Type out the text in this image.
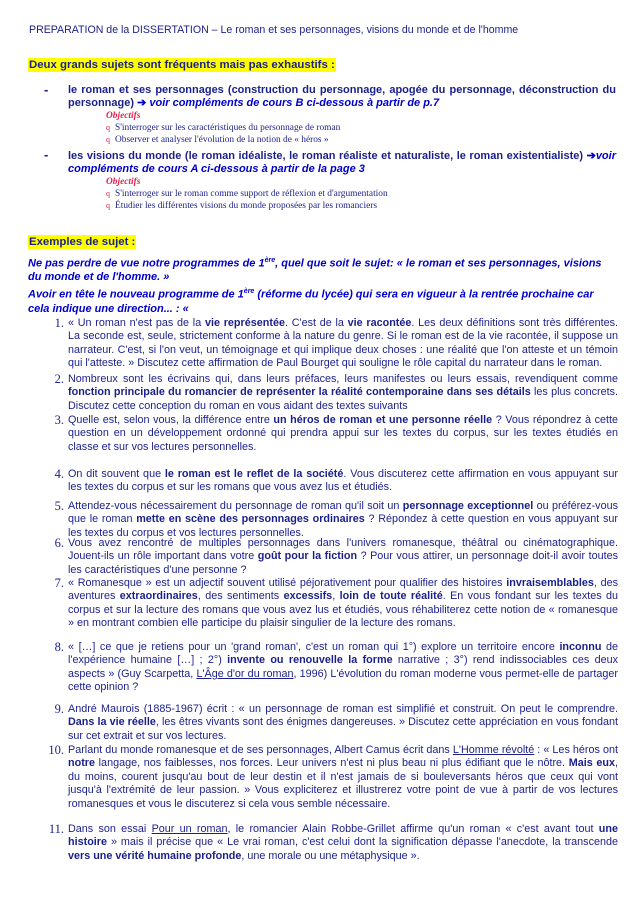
PREPARATION de la DISSERTATION – Le roman et ses personnages, visions du monde et de l'homme
Deux grands sujets sont fréquents mais pas exhaustifs :
- le roman et ses personnages (construction du personnage, apogée du personnage, déconstruction du personnage) ➔ voir compléments de cours B ci-dessous à partir de p.7
Objectifs
q S'interroger sur les caractéristiques du personnage de roman
q Observer et analyser l'évolution de la notion de « héros »
- les visions du monde (le roman idéaliste, le roman réaliste et naturaliste, le roman existentialiste) ➔voir compléments de cours A ci-dessous à partir de la page 3
Objectifs
q S'interroger sur le roman comme support de réflexion et d'argumentation
q Étudier les différentes visions du monde proposées par les romanciers
Exemples de sujet :
Ne pas perdre de vue notre programmes de 1ère, quel que soit le sujet: « le roman et ses personnages, visions du monde et de l'homme. »
Avoir en tête le nouveau programme de 1ère (réforme du lycée) qui sera en vigueur à la rentrée prochaine car cela indique une direction... : «
1. « Un roman n'est pas de la vie représentée. C'est de la vie racontée. Les deux définitions sont très différentes. La seconde est, seule, strictement conforme à la nature du genre. Si le roman est de la vie racontée, il suppose un narrateur. C'est, si l'on veut, un témoignage et qui implique deux choses : une réalité que l'on atteste et un témoin qui l'atteste. » Discutez cette affirmation de Paul Bourget qui souligne le rôle capital du narrateur dans le roman.
2. Nombreux sont les écrivains qui, dans leurs préfaces, leurs manifestes ou leurs essais, revendiquent comme fonction principale du romancier de représenter la réalité contemporaine dans ses détails les plus concrets. Discutez cette conception du roman en vous aidant des textes suivants
3. Quelle est, selon vous, la différence entre un héros de roman et une personne réelle ? Vous répondrez à cette question en un développement ordonné qui prendra appui sur les textes du corpus, sur les textes étudiés en classe et sur vos lectures personnelles.
4. On dit souvent que le roman est le reflet de la société. Vous discuterez cette affirmation en vous appuyant sur les textes du corpus et sur les romans que vous avez lus et étudiés.
5. Attendez-vous nécessairement du personnage de roman qu'il soit un personnage exceptionnel ou préférez-vous que le roman mette en scène des personnages ordinaires ? Répondez à cette question en vous appuyant sur les textes du corpus et vos lectures personnelles.
6. Vous avez rencontré de multiples personnages dans l'univers romanesque, théâtral ou cinématographique. Jouent-ils un rôle important dans votre goût pour la fiction ? Pour vous attirer, un personnage doit-il avoir toutes les caractéristiques d'une personne ?
7. « Romanesque » est un adjectif souvent utilisé péjorativement pour qualifier des histoires invraisemblables, des aventures extraordinaires, des sentiments excessifs, loin de toute réalité. En vous fondant sur les textes du corpus et sur la lecture des romans que vous avez lus et étudiés, vous réhabiliterez cette notion de « romanesque » en montrant combien elle participe du plaisir singulier de la lecture des romans.
8. « […] ce que je retiens pour un 'grand roman', c'est un roman qui 1°) explore un territoire encore inconnu de l'expérience humaine […] ; 2°) invente ou renouvelle la forme narrative ; 3°) rend indissociables ces deux aspects » (Guy Scarpetta, L'Âge d'or du roman, 1996) L'évolution du roman moderne vous permet-elle de partager cette opinion ?
9. André Maurois (1885-1967) écrit : « un personnage de roman est simplifié et construit. On peut le comprendre. Dans la vie réelle, les êtres vivants sont des énigmes dangereuses. » Discutez cette appréciation en vous fondant sur cet extrait et sur vos lectures.
10. Parlant du monde romanesque et de ses personnages, Albert Camus écrit dans L'Homme révolté : « Les héros ont notre langage, nos faiblesses, nos forces. Leur univers n'est ni plus beau ni plus édifiant que le nôtre. Mais eux, du moins, courent jusqu'au bout de leur destin et il n'est jamais de si bouleversants héros que ceux qui vont jusqu'à l'extrémité de leur passion. » Vous expliciterez et illustrerez votre point de vue à partir de vos lectures romanesques et vous le discuterez si cela vous semble nécessaire.
11. Dans son essai Pour un roman, le romancier Alain Robbe-Grillet affirme qu'un roman « c'est avant tout une histoire » mais il précise que « Le vrai roman, c'est celui dont la signification dépasse l'anecdote, la transcende vers une vérité humaine profonde, une morale ou une métaphysique ».
